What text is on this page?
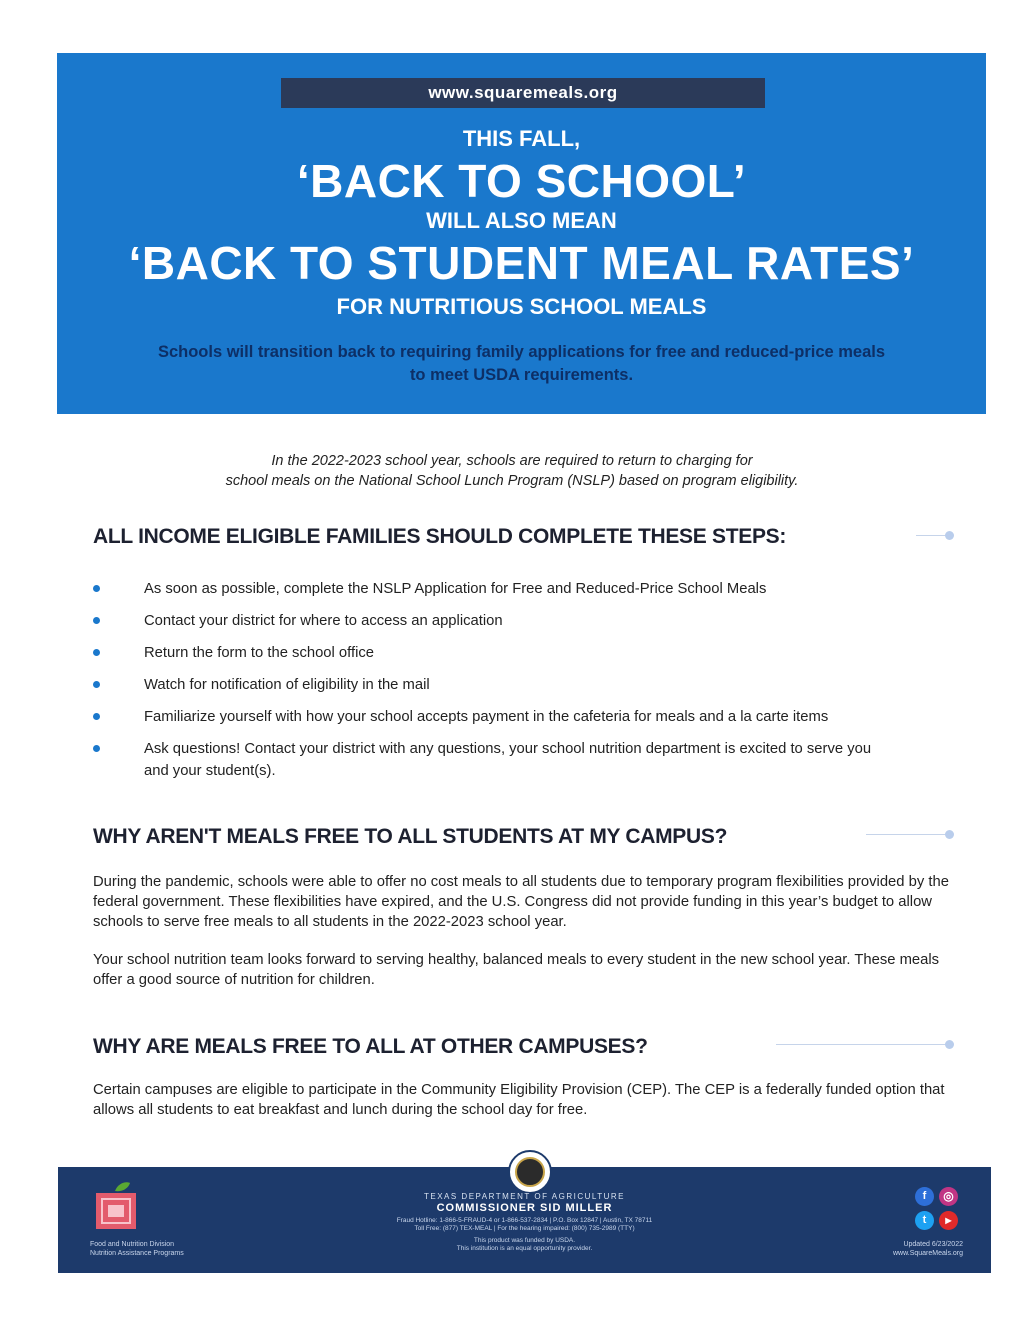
www.squaremeals.org
THIS FALL,
‘BACK TO SCHOOL’
WILL ALSO MEAN
‘BACK TO STUDENT MEAL RATES’
FOR NUTRITIOUS SCHOOL MEALS
Schools will transition back to requiring family applications for free and reduced-price meals
to meet USDA requirements.
In the 2022-2023 school year, schools are required to return to charging for
school meals on the National School Lunch Program (NSLP) based on program eligibility.
ALL INCOME ELIGIBLE FAMILIES SHOULD COMPLETE THESE STEPS:
As soon as possible, complete the NSLP Application for Free and Reduced-Price School Meals
Contact your district for where to access an application
Return the form to the school office
Watch for notification of eligibility in the mail
Familiarize yourself with how your school accepts payment in the cafeteria for meals and a la carte items
Ask questions! Contact your district with any questions, your school nutrition department is excited to serve you and your student(s).
WHY AREN'T MEALS FREE TO ALL STUDENTS AT MY CAMPUS?

During the pandemic, schools were able to offer no cost meals to all students due to temporary program flexibilities provided by the federal government. These flexibilities have expired, and the U.S. Congress did not provide funding in this year’s budget to allow schools to serve free meals to all students in the 2022-2023 school year.

Your school nutrition team looks forward to serving healthy, balanced meals to every student in the new school year. These meals offer a good source of nutrition for children.

WHY ARE MEALS FREE TO ALL AT OTHER CAMPUSES?

Certain campuses are eligible to participate in the Community Eligibility Provision (CEP). The CEP is a federally funded option that allows all students to eat breakfast and lunch during the school day for free.

Food and Nutrition Division
Nutrition Assistance Programs
TEXAS DEPARTMENT OF AGRICULTURE
COMMISSIONER SID MILLER
Fraud Hotline: 1-866-5-FRAUD-4 or 1-866-537-2834 | P.O. Box 12847 | Austin, TX 78711
Toll Free: (877) TEX-MEAL | For the hearing impaired: (800) 735-2989 (TTY)
This product was funded by USDA.
This institution is an equal opportunity provider.
f	◎
t	▶
Updated 6/23/2022
www.SquareMeals.org
